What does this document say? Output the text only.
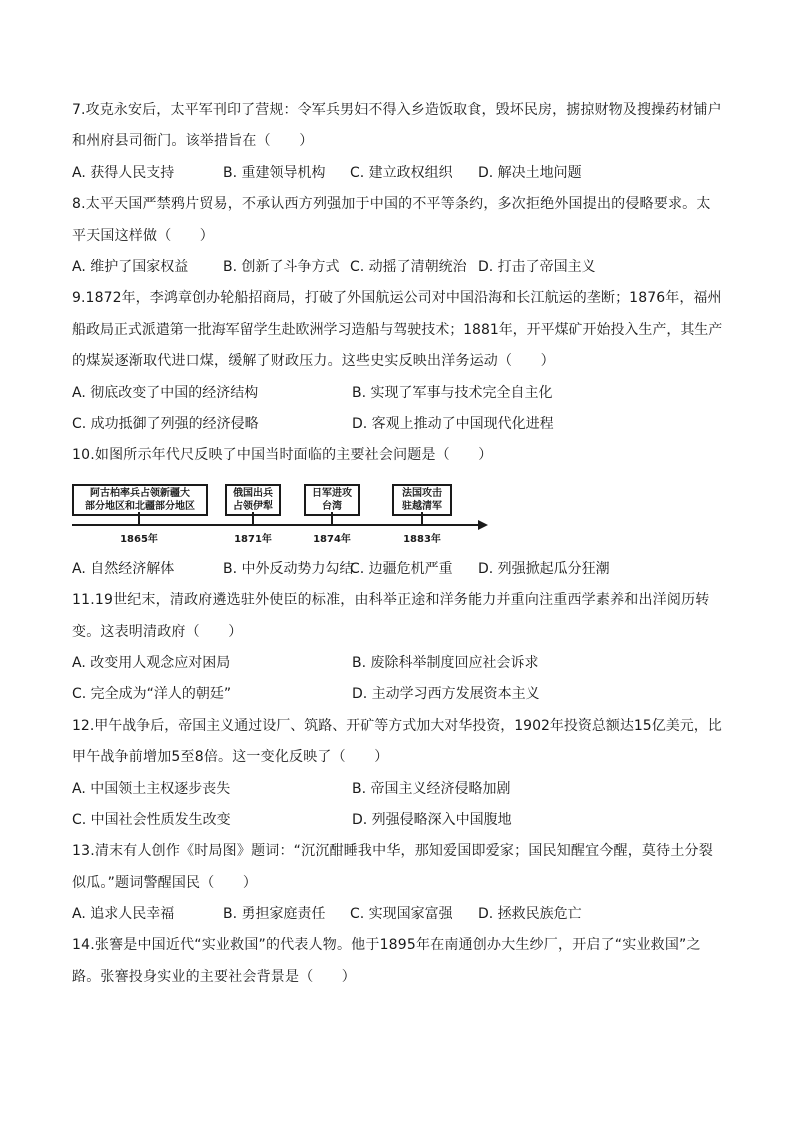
7.攻克永安后，太平军刊印了营规：令军兵男妇不得入乡造饭取食，毁坏民房，掳掠财物及搜操药材铺户
和州府县司衙门。该举措旨在（　　）
A. 获得人民支持	B. 重建领导机构 C. 建立政权组织 D. 解决土地问题
8.太平天国严禁鸦片贸易，不承认西方列强加于中国的不平等条约，多次拒绝外国提出的侵略要求。太
平天国这样做（　　）
A. 维护了国家权益 B. 创新了斗争方式 C. 动摇了清朝统治 D. 打击了帝国主义
9.1872年，李鸿章创办轮船招商局，打破了外国航运公司对中国沿海和长江航运的垄断；1876年，福州
船政局正式派遣第一批海军留学生赴欧洲学习造船与驾驶技术；1881年，开平煤矿开始投入生产，其生产
的煤炭逐渐取代进口煤，缓解了财政压力。这些史实反映出洋务运动（　　）
A. 彻底改变了中国的经济结构	B. 实现了军事与技术完全自主化
C. 成功抵御了列强的经济侵略	D. 客观上推动了中国现代化进程
10.如图所示年代尺反映了中国当时面临的主要社会问题是（　　）
阿古柏率兵占领新疆大
部分地区和北疆部分地区
俄国出兵
占领伊犁
日军进攻
台湾
法国攻击
驻越清军
1865年	1871年	1874年	1883年
A. 自然经济解体	B. 中外反动势力勾结
C. 边疆危机严重 D. 列强掀起瓜分狂潮
11.19世纪末，清政府遴选驻外使臣的标准，由科举正途和洋务能力并重向注重西学素养和出洋阅历转
变。这表明清政府（　　）
A. 改变用人观念应对困局	B. 废除科举制度回应社会诉求
C. 完全成为“洋人的朝廷”	D. 主动学习西方发展资本主义
12.甲午战争后，帝国主义通过设厂、筑路、开矿等方式加大对华投资，1902年投资总额达15亿美元，比
甲午战争前增加5至8倍。这一变化反映了（　　）
A. 中国领土主权逐步丧失	B. 帝国主义经济侵略加剧
C. 中国社会性质发生改变	D. 列强侵略深入中国腹地
13.清末有人创作《时局图》题词：“沉沉酣睡我中华，那知爱国即爱家；国民知醒宜今醒，莫待土分裂
似瓜。”题词警醒国民（　　）
A. 追求人民幸福	B. 勇担家庭责任 C. 实现国家富强 D. 拯救民族危亡
14.张謇是中国近代“实业救国”的代表人物。他于1895年在南通创办大生纱厂，开启了“实业救国”之
路。张謇投身实业的主要社会背景是（　　）
